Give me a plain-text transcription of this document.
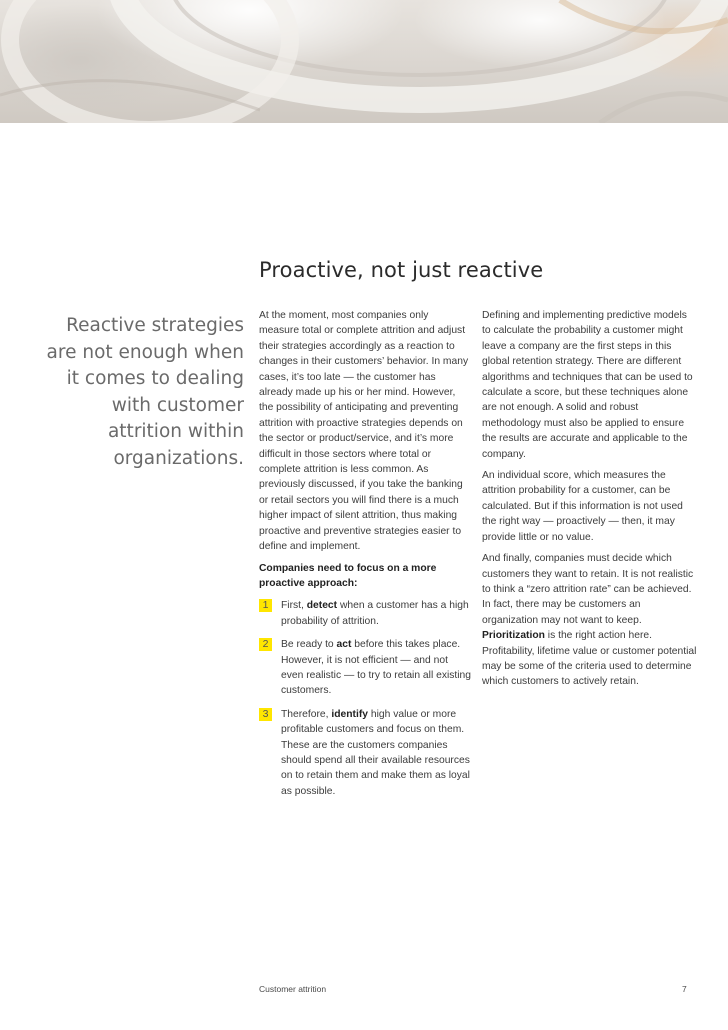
Proactive, not just reactive
Reactive strategies
are not enough when
it comes to dealing
with customer
attrition within
organizations.

At the moment, most companies only measure total or complete attrition and adjust their strategies accordingly as a reaction to changes in their customers’ behavior. In many cases, it’s too late — the customer has already made up his or her mind. However, the possibility of anticipating and preventing attrition with proactive strategies depends on the sector or product/service, and it’s more difficult in those sectors where total or complete attrition is less common. As previously discussed, if you take the banking or retail sectors you will find there is a much higher impact of silent attrition, thus making proactive and preventive strategies easier to define and implement.

Companies need to focus on a more proactive approach:

1	First, detect when a customer has a high probability of attrition.
2	Be ready to act before this takes place. However, it is not efficient — and not even realistic — to try to retain all existing customers.
3	Therefore, identify high value or more profitable customers and focus on them. These are the customers companies should spend all their available resources on to retain them and make them as loyal as possible.

Defining and implementing predictive models to calculate the probability a customer might leave a company are the first steps in this global retention strategy. There are different algorithms and techniques that can be used to calculate a score, but these techniques alone are not enough. A solid and robust methodology must also be applied to ensure the results are accurate and applicable to the company.

An individual score, which measures the attrition probability for a customer, can be calculated. But if this information is not used the right way — proactively — then, it may provide little or no value.

And finally, companies must decide which customers they want to retain. It is not realistic to think a “zero attrition rate” can be achieved. In fact, there may be customers an organization may not want to keep. Prioritization is the right action here. Profitability, lifetime value or customer potential may be some of the criteria used to determine which customers to actively retain.

Customer attrition	7
